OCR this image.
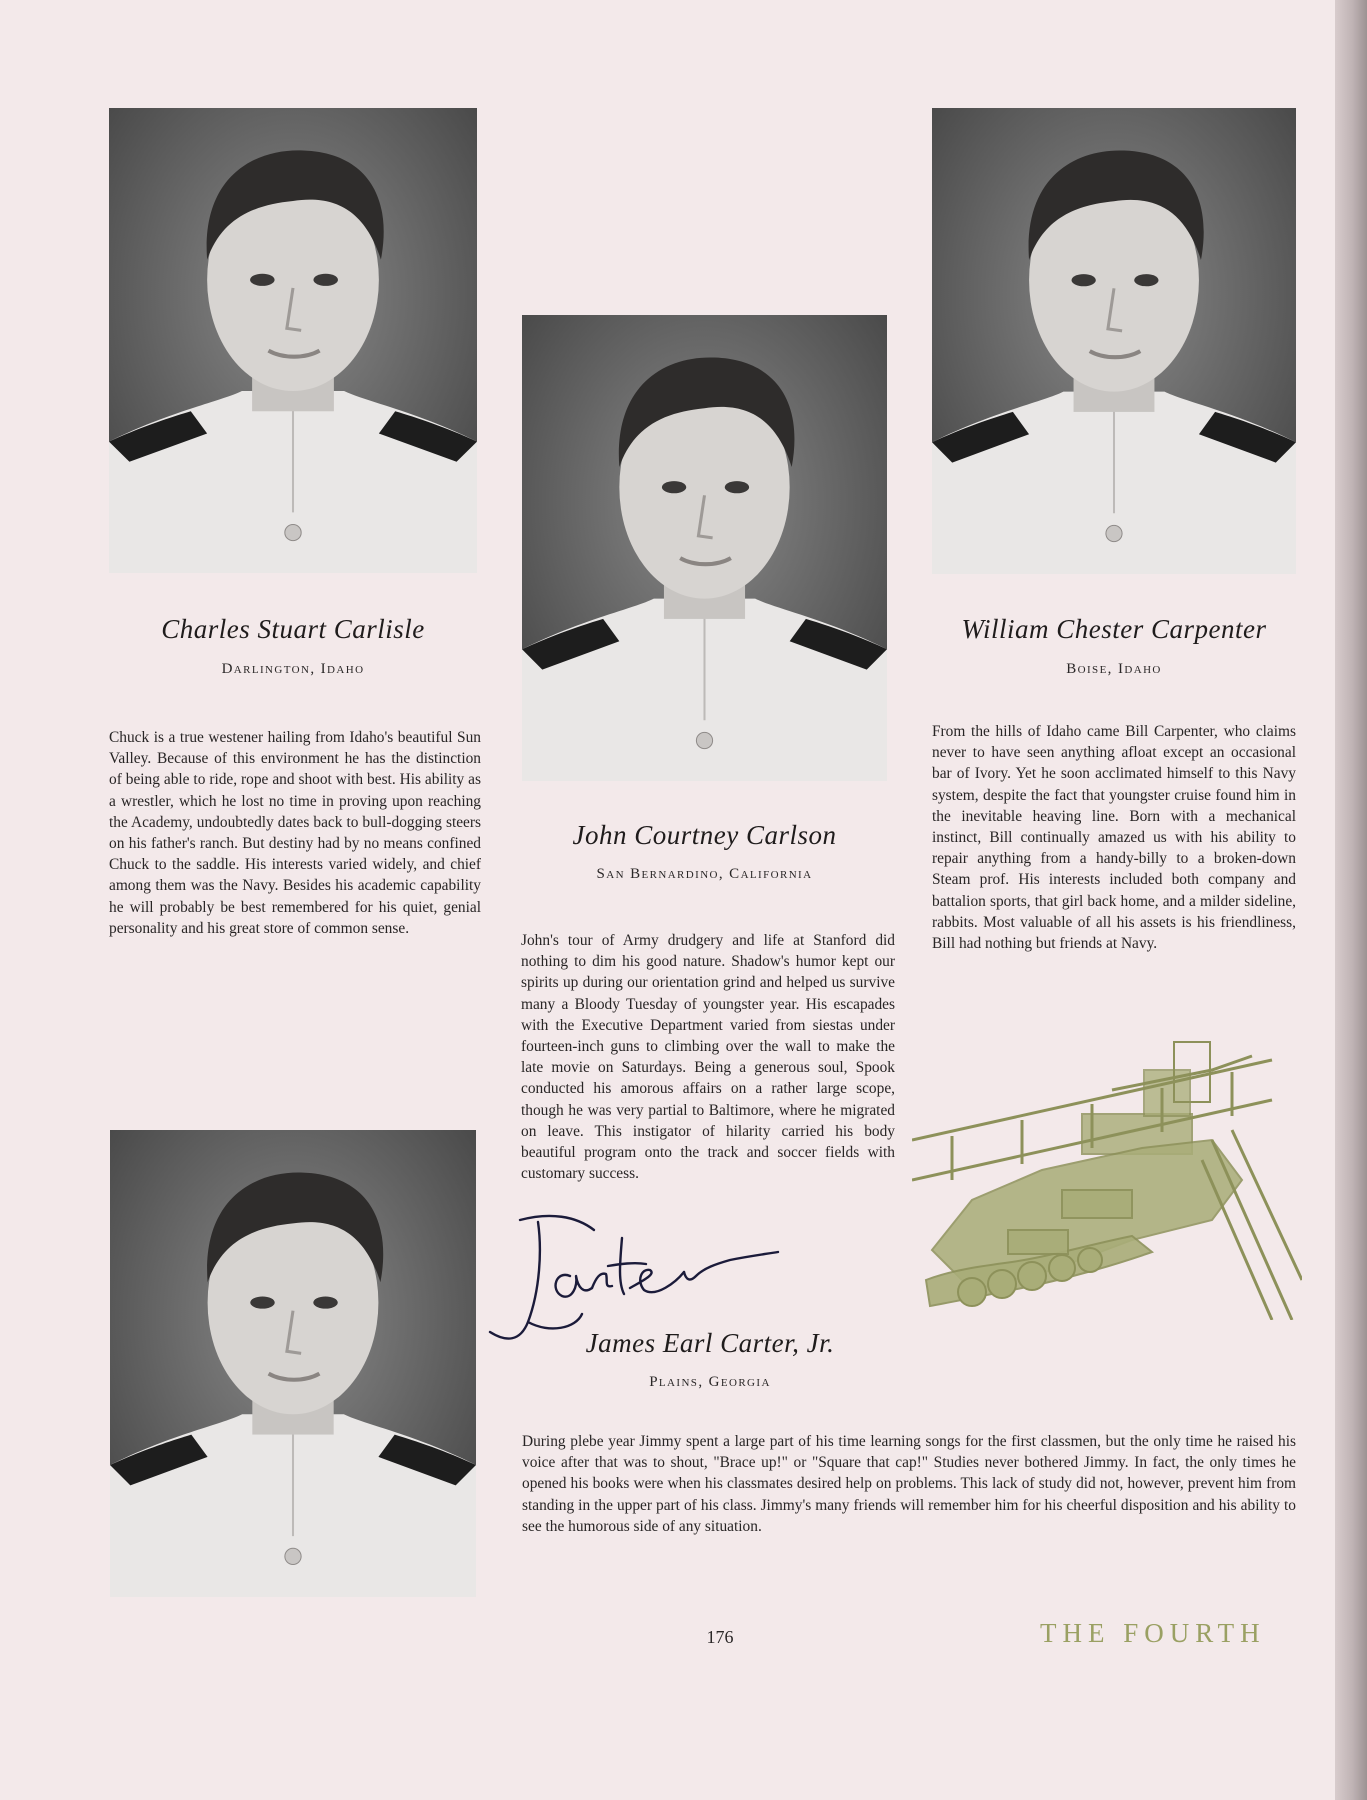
Charles Stuart Carlisle
Darlington, Idaho
Chuck is a true westener hailing from Idaho's beautiful Sun Valley. Because of this environment he has the distinction of being able to ride, rope and shoot with best. His ability as a wrestler, which he lost no time in proving upon reaching the Academy, undoubtedly dates back to bull-dogging steers on his father's ranch. But destiny had by no means confined Chuck to the saddle. His interests varied widely, and chief among them was the Navy. Besides his academic capability he will probably be best remembered for his quiet, genial personality and his great store of common sense.
John Courtney Carlson
San Bernardino, California
John's tour of Army drudgery and life at Stanford did nothing to dim his good nature. Shadow's humor kept our spirits up during our orientation grind and helped us survive many a Bloody Tuesday of youngster year. His escapades with the Executive Department varied from siestas under fourteen-inch guns to climbing over the wall to make the late movie on Saturdays. Being a generous soul, Spook conducted his amorous affairs on a rather large scope, though he was very partial to Baltimore, where he migrated on leave. This instigator of hilarity carried his body beautiful program onto the track and soccer fields with customary success.
William Chester Carpenter
Boise, Idaho
From the hills of Idaho came Bill Carpenter, who claims never to have seen anything afloat except an occasional bar of Ivory. Yet he soon acclimated himself to this Navy system, despite the fact that youngster cruise found him in the inevitable heaving line. Born with a mechanical instinct, Bill continually amazed us with his ability to repair anything from a handy-billy to a broken-down Steam prof. His interests included both company and battalion sports, that girl back home, and a milder sideline, rabbits. Most valuable of all his assets is his friendliness, Bill had nothing but friends at Navy.
James Earl Carter, Jr.
Plains, Georgia
During plebe year Jimmy spent a large part of his time learning songs for the first classmen, but the only time he raised his voice after that was to shout, "Brace up!" or "Square that cap!" Studies never bothered Jimmy. In fact, the only times he opened his books were when his classmates desired help on problems. This lack of study did not, however, prevent him from standing in the upper part of his class. Jimmy's many friends will remember him for his cheerful disposition and his ability to see the humorous side of any situation.
176	THE FOURTH
